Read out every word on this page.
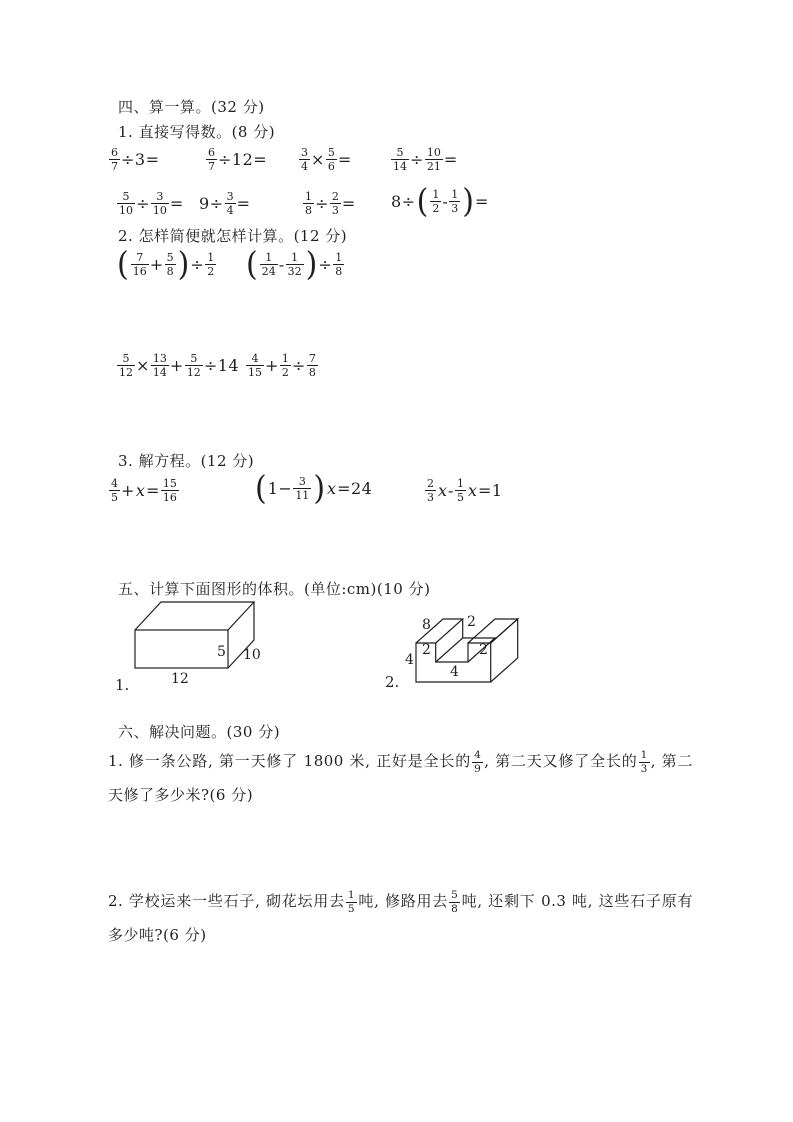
四、算一算。(32 分)
1. 直接写得数。(8 分)
$\frac{6}{7} \div 3=$	$\frac{6}{7} \div 12=$	$\frac{3}{4} \times \frac{5}{6}$ =	$\frac{5}{14} \div \frac{10}{21}$ =
$\frac{5}{10} \div \frac{3}{10} = 9\div \frac{3}{4}$ =	$\frac{1}{8} \div \frac{2}{3} = 8\div$ ( $\frac{1}{2} - \frac{1}{3}$ ) =
2. 怎样简便就怎样计算。(12 分)
( $\frac{7}{16} + \frac{5}{8}$ ) ÷ $\frac{1}{2}$ ( $\frac{1}{24} - \frac{1}{32}$ ) ÷ $\frac{1}{8}$
$\frac{5}{12} \times \frac{13}{14} + \frac{5}{12} \div 14 \frac{4}{15} + \frac{1}{2} \div \frac{7}{8}$
3. 解方程。(12 分)
$\frac{4}{5} + x = \frac{15}{16}$	( $1- \frac{3}{11}$ ) x =24	$\frac{2}{3}$ x - $\frac{1}{5}$ x =1
五、计算下面图形的体积。(单位:cm)(10 分)
5 10
12
1.
8	2
2	2
4
4
2.
六、解决问题。(30 分)
1. 修一条公路, 第一天修了 1800 米, 正好是全长的 $\frac{4}{9}$ , 第二天又修了全长的 $\frac{1}{3}$ , 第二天修了多少米?(6 分)
2. 学校运来一些石子, 砌花坛用去 $\frac{1}{5}$ 吨, 修路用去 $\frac{5}{8}$ 吨, 还剩下 0.3 吨, 这些石子原有多少吨?(6 分)
